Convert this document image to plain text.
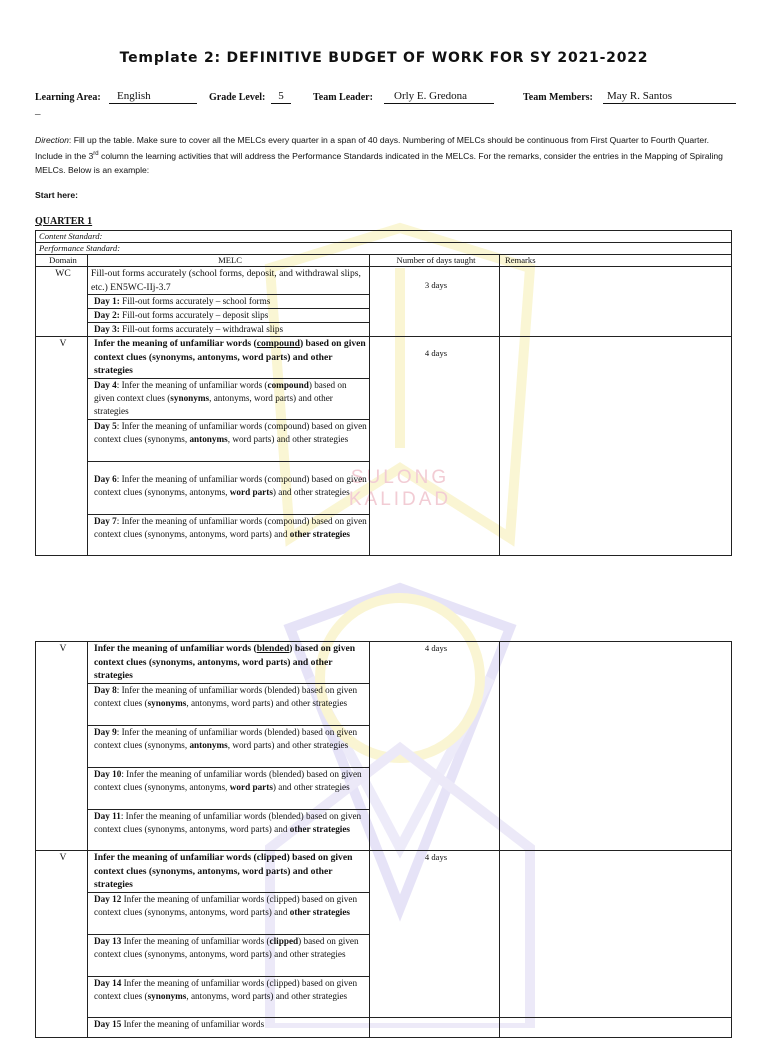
SULONG
KALIDAD
Template 2: DEFINITIVE BUDGET OF WORK FOR SY 2021-2022
Learning Area:	English	Grade Level:	5	Team Leader:	Orly E. Gredona	Team Members:	May R. Santos
–
Direction: Fill up the table. Make sure to cover all the MELCs every quarter in a span of 40 days. Numbering of MELCs should be continuous from First Quarter to Fourth Quarter. Include in the 3rd column the learning activities that will address the Performance Standards indicated in the MELCs. For the remarks, consider the entries in the Mapping of Spiraling MELCs. Below is an example:
Start here:
QUARTER 1
Content Standard:			
Performance Standard:			
Domain	MELC	Number of days taught	Remarks
WC	Fill-out forms accurately (school forms, deposit, and withdrawal slips, etc.) EN5WC-IIj-3.7	3 days	
	Day 1: Fill-out forms accurately – school forms		
	Day 2: Fill-out forms accurately – deposit slips		
	Day 3: Fill-out forms accurately – withdrawal slips		
V	Infer the meaning of unfamiliar words (compound) based on given context clues (synonyms, antonyms, word parts) and other strategies	4 days	
	Day 4: Infer the meaning of unfamiliar words (compound) based on given context clues (synonyms, antonyms, word parts) and other strategies		
	Day 5: Infer the meaning of unfamiliar words (compound) based on given context clues (synonyms, antonyms, word parts) and other strategies		
	Day 6: Infer the meaning of unfamiliar words (compound) based on given context clues (synonyms, antonyms, word parts) and other strategies		
	Day 7: Infer the meaning of unfamiliar words (compound) based on given context clues (synonyms, antonyms, word parts) and other strategies		
V	Infer the meaning of unfamiliar words (blended) based on given context clues (synonyms, antonyms, word parts) and other strategies	4 days	
	Day 8: Infer the meaning of unfamiliar words (blended) based on given context clues (synonyms, antonyms, word parts) and other strategies		
	Day 9: Infer the meaning of unfamiliar words (blended) based on given context clues (synonyms, antonyms, word parts) and other strategies		
	Day 10: Infer the meaning of unfamiliar words (blended) based on given context clues (synonyms, antonyms, word parts) and other strategies		
	Day 11: Infer the meaning of unfamiliar words (blended) based on given context clues (synonyms, antonyms, word parts) and other strategies		
V	Infer the meaning of unfamiliar words (clipped) based on given context clues (synonyms, antonyms, word parts) and other strategies	4 days	
	Day 12 Infer the meaning of unfamiliar words (clipped) based on given context clues (synonyms, antonyms, word parts) and other strategies		
	Day 13 Infer the meaning of unfamiliar words (clipped) based on given context clues (synonyms, antonyms, word parts) and other strategies		
	Day 14 Infer the meaning of unfamiliar words (clipped) based on given context clues (synonyms, antonyms, word parts) and other strategies		
	Day 15 Infer the meaning of unfamiliar words		
